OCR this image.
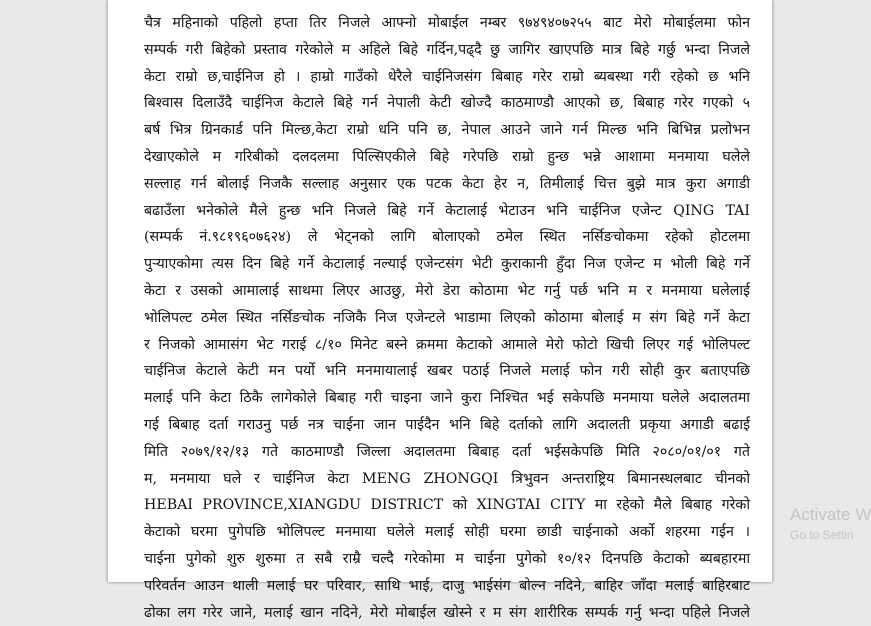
चैत्र महिनाको पहिलो हप्ता तिर निजले आफ्नो मोबाईल नम्बर ९७४९४०७२५५ बाट मेरो मोबाईलमा फोन
सम्पर्क गरी बिहेको प्रस्ताव गरेकोले म अहिले बिहे गर्दिन,पढ्दै छु जागिर खाएपछि मात्र बिहे गर्छु भन्दा निजले
केटा राम्रो छ,चाईनिज हो । हाम्रो गाउँको धेरैले चाईनिजसंग बिबाह गरेर राम्रो ब्यबस्था गरी रहेको छ भनि
बिश्वास दिलाउँदै चाईनिज केटाले बिहे गर्न नेपाली केटी खोज्दै काठमाण्डौ आएको छ, बिबाह गरेर गएको ५
बर्ष भित्र ग्रिनकार्ड पनि मिल्छ,केटा राम्रो धनि पनि छ, नेपाल आउने जाने गर्न मिल्छ भनि बिभिन्न प्रलोभन
देखाएकोले म गरिबीको दलदलमा पिल्सिएकीले बिहे गरेपछि राम्रो हुन्छ भन्ने आशामा मनमाया घलेले
सल्लाह गर्न बोलाई निजकै सल्लाह अनुसार एक पटक केटा हेर न, तिमीलाई चित्त बुझे मात्र कुरा अगाडी
बढाउँला भनेकोले मैले हुन्छ भनि निजले बिहे गर्ने केटालाई भेटाउन भनि चाईनिज एजेन्ट QING TAI
(सम्पर्क नं.९८१९६०७६२४) ले भेट्नको लागि बोलाएको ठमेल स्थित नर्सिङचोकमा रहेको होटलमा
पुऱ्याएकोमा त्यस दिन बिहे गर्ने केटालाई नल्याई एजेन्टसंग भेटी कुराकानी हुँदा निज एजेन्ट म भोली बिहे गर्ने
केटा र उसको आमालाई साथमा लिएर आउछु, मेरो डेरा कोठामा भेट गर्नु पर्छ भनि म र मनमाया घलेलाई
भोलिपल्ट ठमेल स्थित नर्सिङचोक नजिकै निज एजेन्टले भाडामा लिएको कोठामा बोलाई म संग बिहे गर्ने केटा
र निजको आमासंग भेट गराई ८/१० मिनेट बस्ने क्रममा केटाको आमाले मेरो फोटो खिची लिएर गई भोलिपल्ट
चाईनिज केटाले केटी मन पर्यो भनि मनमायालाई खबर पठाई निजले मलाई फोन गरी सोही कुर बताएपछि
मलाई पनि केटा ठिकै लागेकोले बिबाह गरी चाइना जाने कुरा निश्चित भई सकेपछि मनमाया घलेले अदालतमा
गई बिबाह दर्ता गराउनु पर्छ नत्र चाईना जान पाईदैन भनि बिहे दर्ताको लागि अदालती प्रकृया अगाडी बढाई
मिति २०७९/१२/१३ गते काठमाण्डौ जिल्ला अदालतमा बिबाह दर्ता भईसकेपछि मिति २०८०/०१/०१ गते
म, मनमाया घले र चाईनिज केटा MENG ZHONGQI त्रिभुवन अन्तराष्ट्रिय बिमानस्थलबाट चीनको
HEBAI PROVINCE,XIANGDU DISTRICT को XINGTAI CITY मा रहेको मैले बिबाह गरेको
केटाको घरमा पुगेपछि भोलिपल्ट मनमाया घलेले मलाई सोही घरमा छाडी चाईनाको अर्को शहरमा गईन ।
चाईना पुगेको शुरु शुरुमा त सबै राम्रै चल्दै गरेकोमा म चाईना पुगेको १०/१२ दिनपछि केटाको ब्यबहारमा
परिवर्तन आउन थाली मलाई घर परिवार, साथि भाई, दाजु भाईसंग बोल्न नदिने, बाहिर जाँदा मलाई बाहिरबाट
ढोका लग गरेर जाने, मलाई खान नदिने, मेरो मोबाईल खोस्ने र म संग शारीरिक सम्पर्क गर्नु भन्दा पहिले निजले
Activate W
Go to Settin
